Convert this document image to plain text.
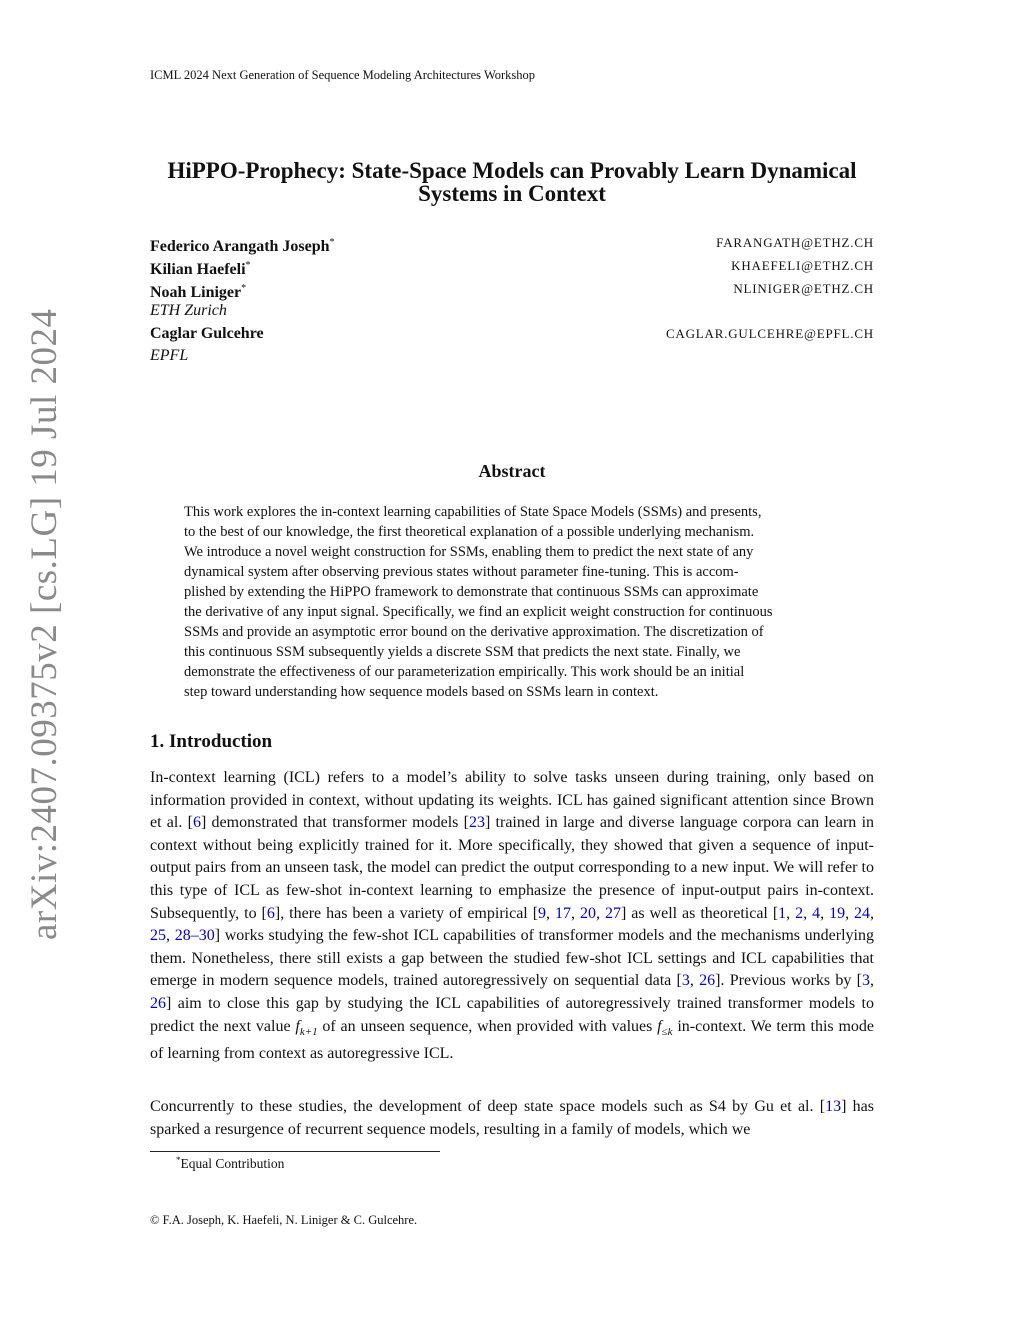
ICML 2024 Next Generation of Sequence Modeling Architectures Workshop
arXiv:2407.09375v2 [cs.LG] 19 Jul 2024
HiPPO-Prophecy: State-Space Models can Provably Learn Dynamical
Systems in Context
Federico Arangath Joseph*	FARANGATH@ETHZ.CH
Kilian Haefeli*	KHAEFELI@ETHZ.CH
Noah Liniger*	NLINIGER@ETHZ.CH
ETH Zurich
Caglar Gulcehre	CAGLAR.GULCEHRE@EPFL.CH
EPFL
Abstract
This work explores the in-context learning capabilities of State Space Models (SSMs) and presents,
to the best of our knowledge, the first theoretical explanation of a possible underlying mechanism.
We introduce a novel weight construction for SSMs, enabling them to predict the next state of any
dynamical system after observing previous states without parameter fine-tuning. This is accom-
plished by extending the HiPPO framework to demonstrate that continuous SSMs can approximate
the derivative of any input signal. Specifically, we find an explicit weight construction for continuous
SSMs and provide an asymptotic error bound on the derivative approximation. The discretization of
this continuous SSM subsequently yields a discrete SSM that predicts the next state. Finally, we
demonstrate the effectiveness of our parameterization empirically. This work should be an initial
step toward understanding how sequence models based on SSMs learn in context.
1. Introduction
In-context learning (ICL) refers to a model’s ability to solve tasks unseen during training, only based on information provided in context, without updating its weights. ICL has gained significant attention since Brown et al. [6] demonstrated that transformer models [23] trained in large and diverse language corpora can learn in context without being explicitly trained for it. More specifically, they showed that given a sequence of input-output pairs from an unseen task, the model can predict the output corresponding to a new input. We will refer to this type of ICL as few-shot in-context learning to emphasize the presence of input-output pairs in-context. Subsequently, to [6], there has been a variety of empirical [9, 17, 20, 27] as well as theoretical [1, 2, 4, 19, 24, 25, 28–30] works studying the few-shot ICL capabilities of transformer models and the mechanisms underlying them. Nonetheless, there still exists a gap between the studied few-shot ICL settings and ICL capabilities that emerge in modern sequence models, trained autoregressively on sequential data [3, 26]. Previous works by [3, 26] aim to close this gap by studying the ICL capabilities of autoregressively trained transformer models to predict the next value $f_{k+1}$ of an unseen sequence, when provided with values $f_{\le k}$ in-context. We term this mode of learning from context as autoregressive ICL.
Concurrently to these studies, the development of deep state space models such as S4 by Gu et al. [13] has sparked a resurgence of recurrent sequence models, resulting in a family of models, which we
*Equal Contribution
© F.A. Joseph, K. Haefeli, N. Liniger & C. Gulcehre.
